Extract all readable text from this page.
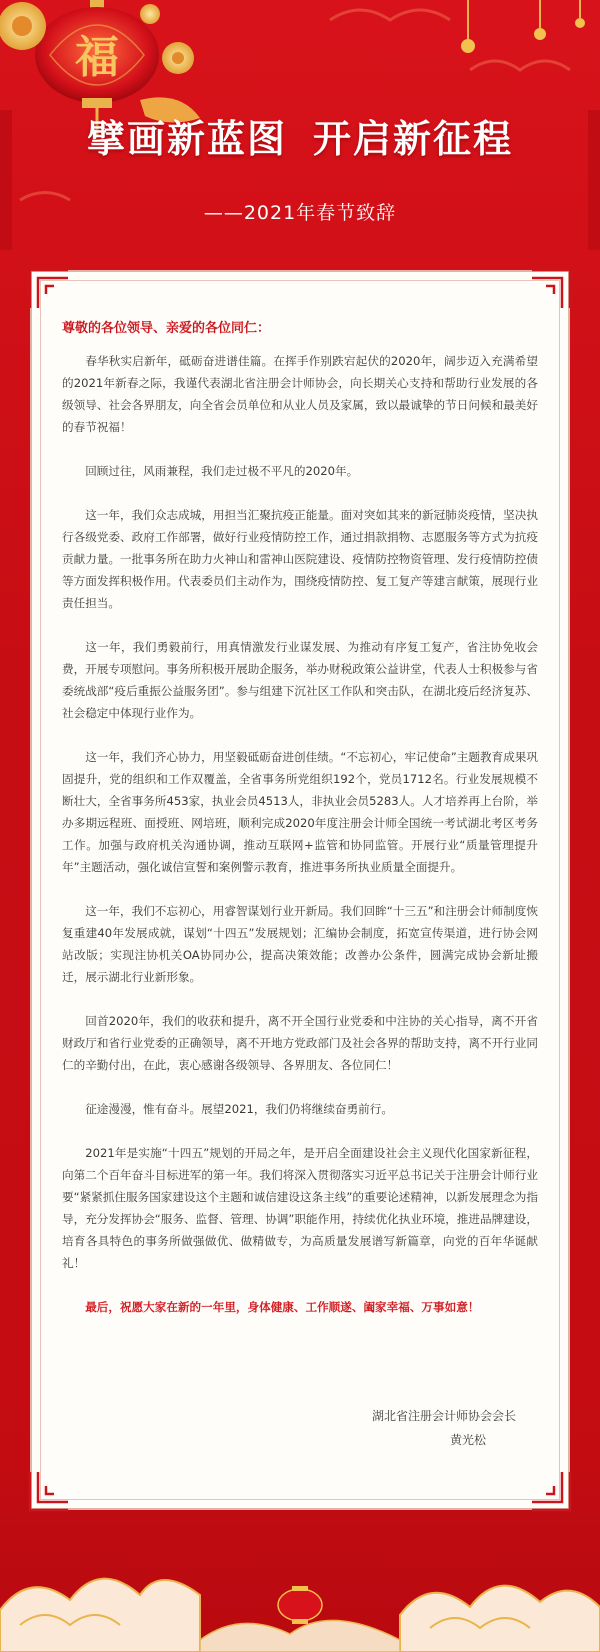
福
擘画新蓝图 开启新征程
——2021年春节致辞

尊敬的各位领导、亲爱的各位同仁：

春华秋实启新年，砥砺奋进谱佳篇。在挥手作别跌宕起伏的2020年，阔步迈入充满希望的2021年新春之际，我谨代表湖北省注册会计师协会，向长期关心支持和帮助行业发展的各级领导、社会各界朋友，向全省会员单位和从业人员及家属，致以最诚挚的节日问候和最美好的春节祝福！

回顾过往，风雨兼程，我们走过极不平凡的2020年。

这一年，我们众志成城，用担当汇聚抗疫正能量。面对突如其来的新冠肺炎疫情，坚决执行各级党委、政府工作部署，做好行业疫情防控工作，通过捐款捐物、志愿服务等方式为抗疫贡献力量。一批事务所在助力火神山和雷神山医院建设、疫情防控物资管理、发行疫情防控债等方面发挥积极作用。代表委员们主动作为，围绕疫情防控、复工复产等建言献策，展现行业责任担当。

这一年，我们勇毅前行，用真情激发行业谋发展、为推动有序复工复产，省注协免收会费，开展专项慰问。事务所积极开展助企服务，举办财税政策公益讲堂，代表人士积极参与省委统战部“疫后重振公益服务团”。参与组建下沉社区工作队和突击队，在湖北疫后经济复苏、社会稳定中体现行业作为。

这一年，我们齐心协力，用坚毅砥砺奋进创佳绩。“不忘初心，牢记使命”主题教育成果巩固提升，党的组织和工作双覆盖，全省事务所党组织192个，党员1712名。行业发展规模不断壮大，全省事务所453家，执业会员4513人，非执业会员5283人。人才培养再上台阶，举办多期远程班、面授班、网培班，顺利完成2020年度注册会计师全国统一考试湖北考区考务工作。加强与政府机关沟通协调，推动互联网+监管和协同监管。开展行业“质量管理提升年”主题活动，强化诚信宣誓和案例警示教育，推进事务所执业质量全面提升。

这一年，我们不忘初心，用睿智谋划行业开新局。我们回眸“十三五”和注册会计师制度恢复重建40年发展成就，谋划“十四五”发展规划；汇编协会制度，拓宽宣传渠道，进行协会网站改版；实现注协机关OA协同办公，提高决策效能；改善办公条件，圆满完成协会新址搬迁，展示湖北行业新形象。

回首2020年，我们的收获和提升，离不开全国行业党委和中注协的关心指导，离不开省财政厅和省行业党委的正确领导，离不开地方党政部门及社会各界的帮助支持，离不开行业同仁的辛勤付出，在此，衷心感谢各级领导、各界朋友、各位同仁！

征途漫漫，惟有奋斗。展望2021，我们仍将继续奋勇前行。

2021年是实施“十四五”规划的开局之年，是开启全面建设社会主义现代化国家新征程，向第二个百年奋斗目标进军的第一年。我们将深入贯彻落实习近平总书记关于注册会计师行业要“紧紧抓住服务国家建设这个主题和诚信建设这条主线”的重要论述精神，以新发展理念为指导，充分发挥协会“服务、监督、管理、协调”职能作用，持续优化执业环境，推进品牌建设，培育各具特色的事务所做强做优、做精做专，为高质量发展谱写新篇章，向党的百年华诞献礼！

最后，祝愿大家在新的一年里，身体健康、工作顺遂、阖家幸福、万事如意！

湖北省注册会计师协会会长
黄光松
